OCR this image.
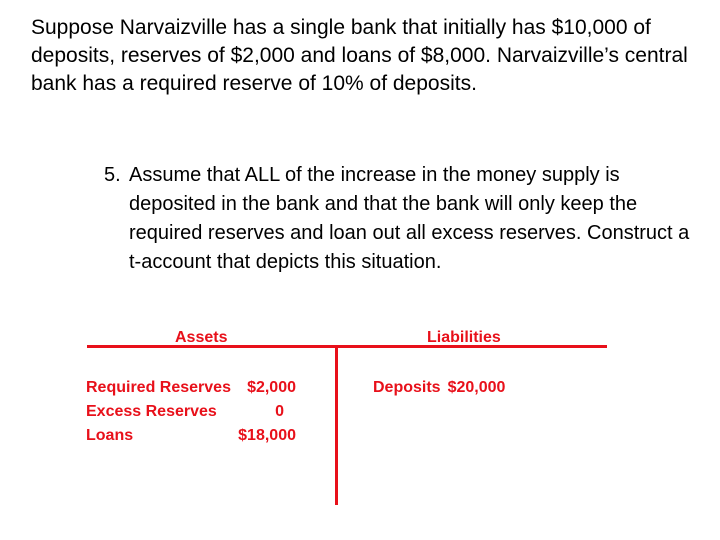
Suppose Narvaizville has a single bank that initially has $10,000 of deposits, reserves of $2,000 and loans of $8,000. Narvaizville’s central bank has a required reserve of 10% of deposits.

5. Assume that ALL of the increase in the money supply is deposited in the bank and that the bank will only keep the required reserves and loan out all excess reserves. Construct a t-account that depicts this situation.
Assets	Liabilities
Required Reserves $2,000
Excess Reserves	0
Loans	$18,000
Deposits $20,000
